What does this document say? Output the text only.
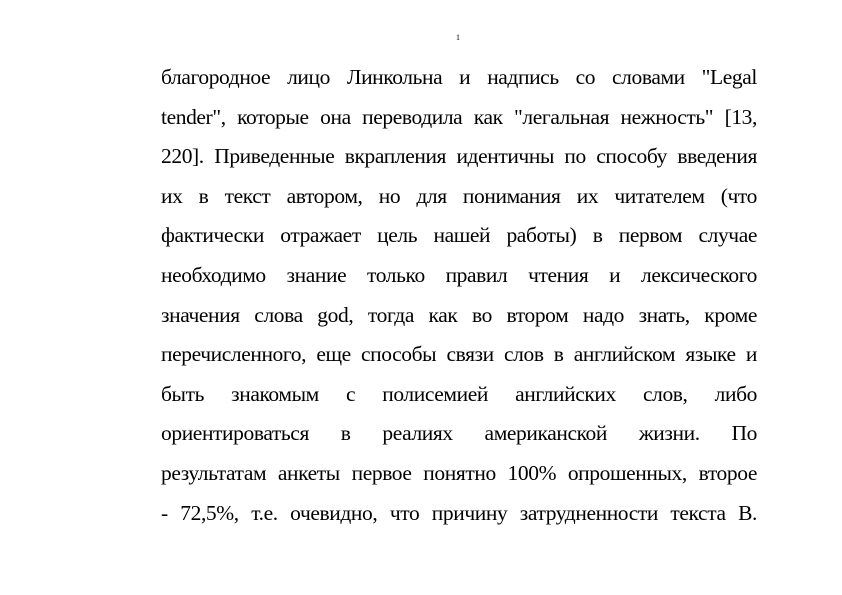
1
благородное лицо Линкольна и надпись со словами "Legal
tender", которые она переводила как "легальная нежность" [13,
220]. Приведенные вкрапления идентичны по способу введения
их в текст автором, но для понимания их читателем (что
фактически отражает цель нашей работы) в первом случае
необходимо знание только правил чтения и лексического
значения слова god, тогда как во втором надо знать, кроме
перечисленного, еще способы связи слов в английском языке и
быть знакомым с полисемией английских слов, либо
ориентироваться в реалиях американской жизни. По
результатам анкеты первое понятно 100% опрошенных, второе
- 72,5%, т.е. очевидно, что причину затрудненности текста В.
